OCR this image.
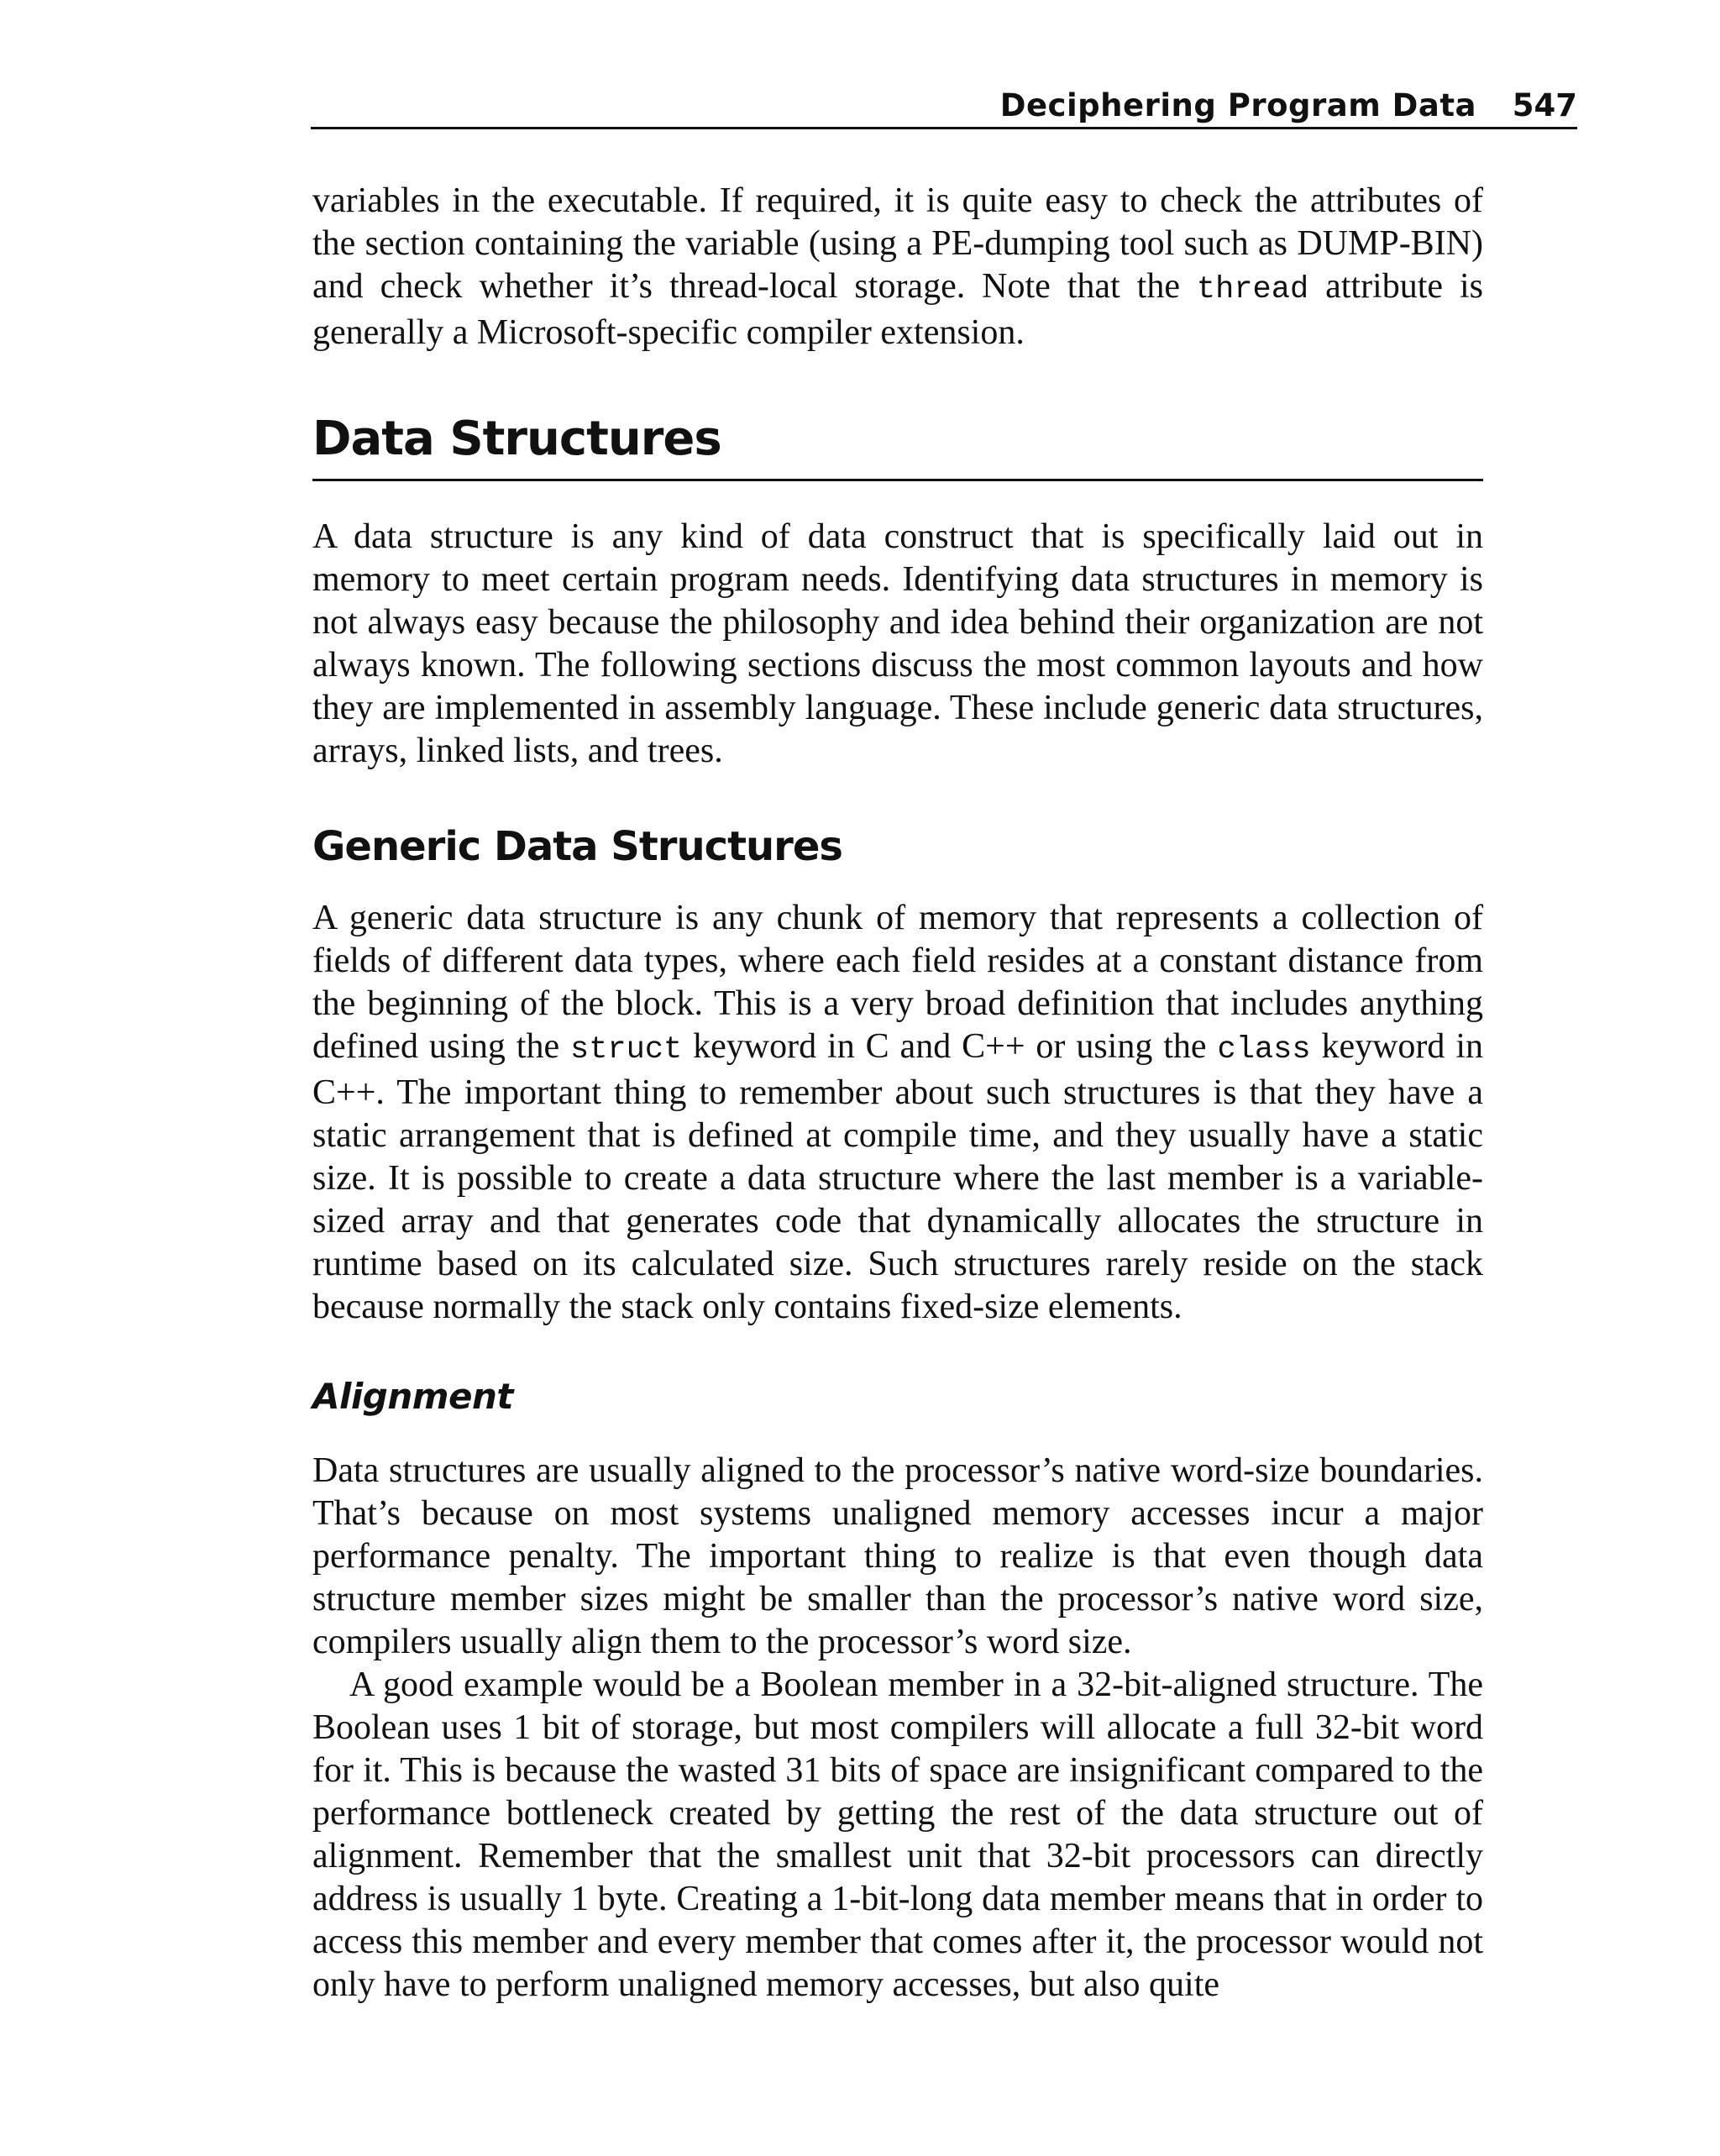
Deciphering Program Data 547

variables in the executable. If required, it is quite easy to check the attributes of the section containing the variable (using a PE-dumping tool such as DUMP-BIN) and check whether it’s thread-local storage. Note that the thread attribute is generally a Microsoft-specific compiler extension.

Data Structures

A data structure is any kind of data construct that is specifically laid out in memory to meet certain program needs. Identifying data structures in memory is not always easy because the philosophy and idea behind their organization are not always known. The following sections discuss the most common layouts and how they are implemented in assembly language. These include generic data structures, arrays, linked lists, and trees.

Generic Data Structures

A generic data structure is any chunk of memory that represents a collection of fields of different data types, where each field resides at a constant distance from the beginning of the block. This is a very broad definition that includes anything defined using the struct keyword in C and C++ or using the class keyword in C++. The important thing to remember about such structures is that they have a static arrangement that is defined at compile time, and they usually have a static size. It is possible to create a data structure where the last member is a variable-sized array and that generates code that dynamically allocates the structure in runtime based on its calculated size. Such structures rarely reside on the stack because normally the stack only contains fixed-size elements.

Alignment

Data structures are usually aligned to the processor’s native word-size boundaries. That’s because on most systems unaligned memory accesses incur a major performance penalty. The important thing to realize is that even though data structure member sizes might be smaller than the processor’s native word size, compilers usually align them to the processor’s word size.

A good example would be a Boolean member in a 32-bit-aligned structure. The Boolean uses 1 bit of storage, but most compilers will allocate a full 32-bit word for it. This is because the wasted 31 bits of space are insignificant compared to the performance bottleneck created by getting the rest of the data structure out of alignment. Remember that the smallest unit that 32-bit processors can directly address is usually 1 byte. Creating a 1-bit-long data member means that in order to access this member and every member that comes after it, the processor would not only have to perform unaligned memory accesses, but also quite
